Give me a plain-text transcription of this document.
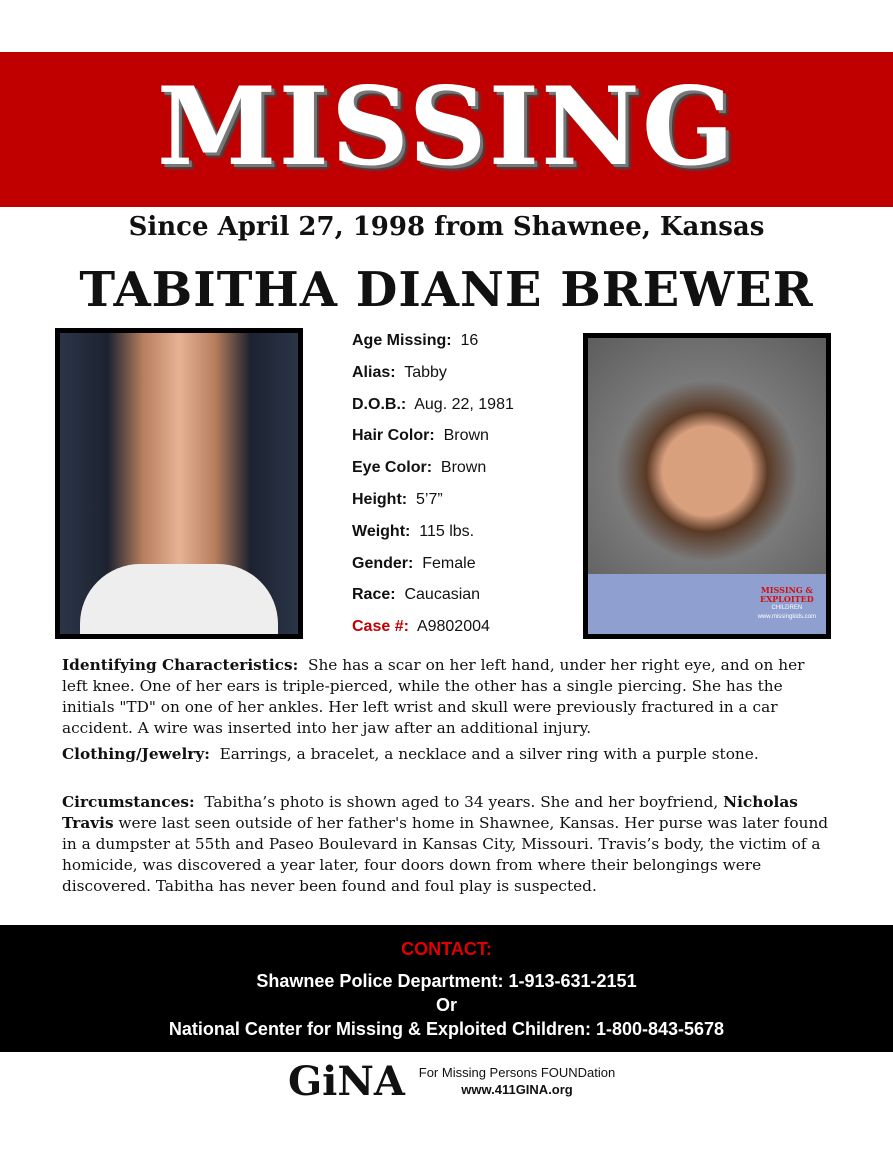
MISSING
Since April 27, 1998 from Shawnee, Kansas
TABITHA DIANE BREWER
MISSING &
EXPLOITED
CHILDREN
www.missingkids.com
Age Missing: 16
Alias: Tabby
D.O.B.: Aug. 22, 1981
Hair Color: Brown
Eye Color: Brown
Height: 5’7”
Weight: 115 lbs.
Gender: Female
Race: Caucasian
Case #: A9802004
Identifying Characteristics: She has a scar on her left hand, under her right eye, and on her left knee. One of her ears is triple-pierced, while the other has a single piercing. She has the initials "TD" on one of her ankles. Her left wrist and skull were previously fractured in a car accident. A wire was inserted into her jaw after an additional injury.
Clothing/Jewelry: Earrings, a bracelet, a necklace and a silver ring with a purple stone.
Circumstances: Tabitha’s photo is shown aged to 34 years. She and her boyfriend, Nicholas Travis were last seen outside of her father's home in Shawnee, Kansas. Her purse was later found in a dumpster at 55th and Paseo Boulevard in Kansas City, Missouri. Travis’s body, the victim of a homicide, was discovered a year later, four doors down from where their belongings were discovered. Tabitha has never been found and foul play is suspected.
CONTACT:
Shawnee Police Department: 1-913-631-2151
Or
National Center for Missing & Exploited Children: 1-800-843-5678
GiNA	For Missing Persons FOUNDation
www.411GINA.org
